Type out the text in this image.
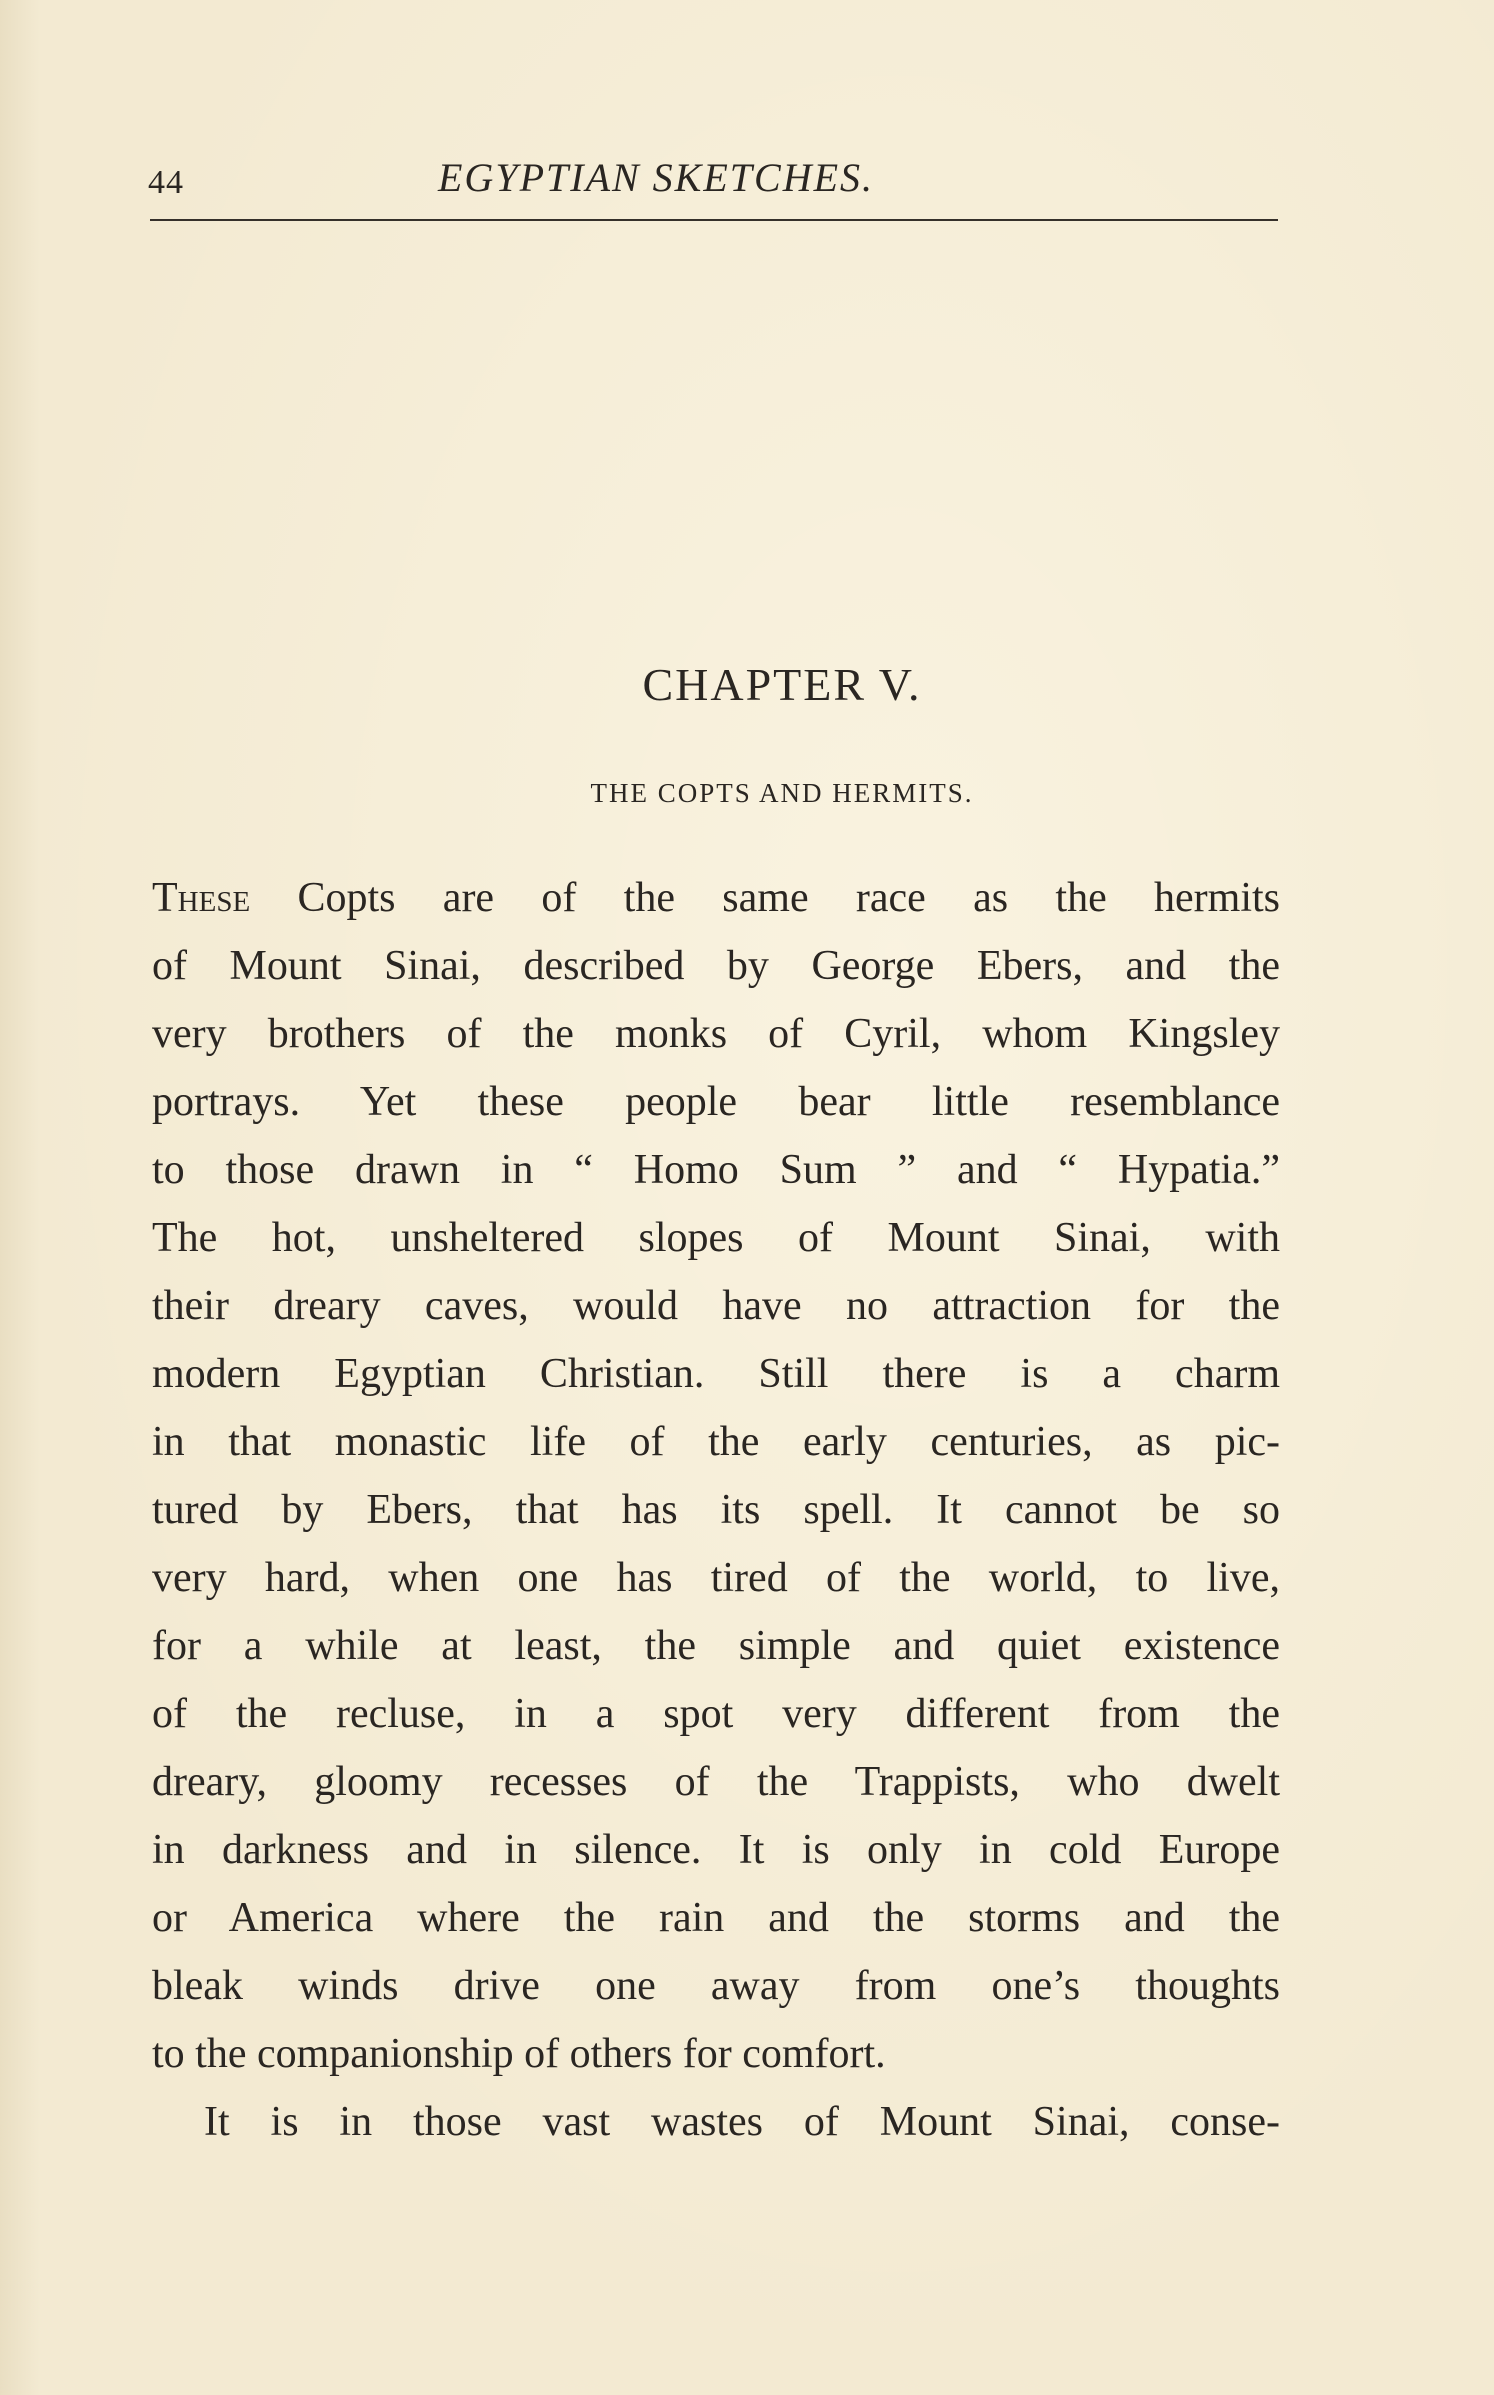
44	EGYPTIAN SKETCHES.
CHAPTER V.
THE COPTS AND HERMITS.
These Copts are of the same race as the hermits
of Mount Sinai, described by George Ebers, and the
very brothers of the monks of Cyril, whom Kingsley
portrays. Yet these people bear little resemblance
to those drawn in “ Homo Sum ” and “ Hypatia.”
The hot, unsheltered slopes of Mount Sinai, with
their dreary caves, would have no attraction for the
modern Egyptian Christian. Still there is a charm
in that monastic life of the early centuries, as pic-
tured by Ebers, that has its spell. It cannot be so
very hard, when one has tired of the world, to live,
for a while at least, the simple and quiet existence
of the recluse, in a spot very different from the
dreary, gloomy recesses of the Trappists, who dwelt
in darkness and in silence. It is only in cold Europe
or America where the rain and the storms and the
bleak winds drive one away from one’s thoughts
to the companionship of others for comfort.
It is in those vast wastes of Mount Sinai, conse-
